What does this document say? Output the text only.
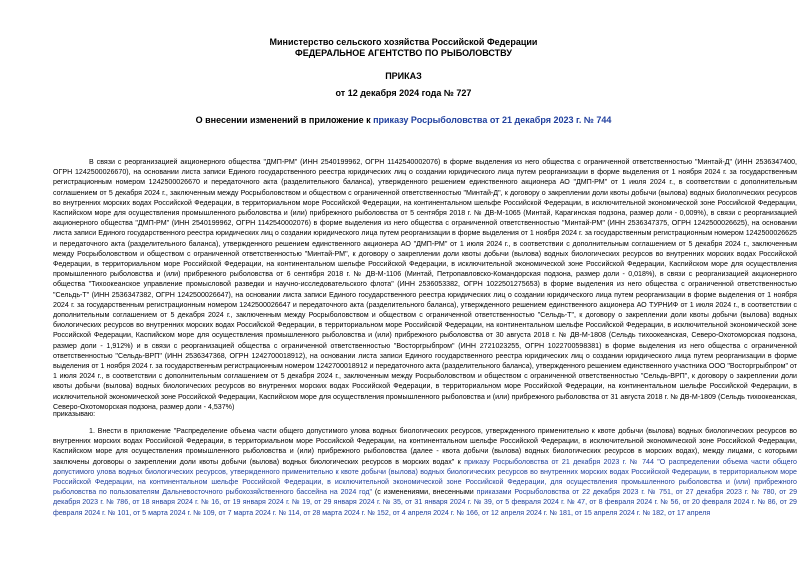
Министерство сельского хозяйства Российской Федерации
ФЕДЕРАЛЬНОЕ АГЕНТСТВО ПО РЫБОЛОВСТВУ
ПРИКАЗ
от 12 декабря 2024 года № 727
О внесении изменений в приложение к приказу Росрыболовства от 21 декабря 2023 г. № 744

В связи с реорганизацией акционерного общества "ДМП-РМ" (ИНН 2540199962, ОГРН 1142540002076) в форме выделения из него общества с ограниченной ответственностью "Минтай-Д" (ИНН 2536347400, ОГРН 1242500026670), на основании листа записи Единого государственного реестра юридических лиц о создании юридического лица путем реорганизации в форме выделения от 1 ноября 2024 г. за государственным регистрационным номером 1242500026670 и передаточного акта (разделительного баланса), утвержденного решением единственного акционера АО "ДМП-РМ" от 1 июля 2024 г., в соответствии с дополнительным соглашением от 5 декабря 2024 г., заключенным между Росрыболовством и обществом с ограниченной ответственностью "Минтай-Д", к договору о закреплении доли квоты добычи (вылова) водных биологических ресурсов во внутренних морских водах Российской Федерации, в территориальном море Российской Федерации, на континентальном шельфе Российской Федерации, в исключительной экономической зоне Российской Федерации, Каспийском море для осуществления промышленного рыболовства и (или) прибрежного рыболовства от 5 сентября 2018 г. № ДВ-М-1065 (Минтай, Карагинская подзона, размер доли - 0,009%), в связи с реорганизацией акционерного общества "ДМП-РМ" (ИНН 2540199962, ОГРН 1142540002076) в форме выделения из него общества с ограниченной ответственностью "Минтай-РМ" (ИНН 2536347375, ОГРН 1242500026625), на основании листа записи Единого государственного реестра юридических лиц о создании юридического лица путем реорганизации в форме выделения от 1 ноября 2024 г. за государственным регистрационным номером 1242500026625 и передаточного акта (разделительного баланса), утвержденного решением единственного акционера АО "ДМП-РМ" от 1 июля 2024 г., в соответствии с дополнительным соглашением от 5 декабря 2024 г., заключенным между Росрыболовством и обществом с ограниченной ответственностью "Минтай-РМ", к договору о закреплении доли квоты добычи (вылова) водных биологических ресурсов во внутренних морских водах Российской Федерации, в территориальном море Российской Федерации, на континентальном шельфе Российской Федерации, в исключительной экономической зоне Российской Федерации, Каспийском море для осуществления промышленного рыболовства и (или) прибрежного рыболовства от 6 сентября 2018 г. № ДВ-М-1106 (Минтай, Петропавловско-Командорская подзона, размер доли - 0,018%), в связи с реорганизацией акционерного общества "Тихоокеанское управление промысловой разведки и научно-исследовательского флота" (ИНН 2536053382, ОГРН 1022501275653) в форме выделения из него общества с ограниченной ответственностью "Сельдь-Т" (ИНН 2536347382, ОГРН 1242500026647), на основании листа записи Единого государственного реестра юридических лиц о создании юридического лица путем реорганизации в форме выделения от 1 ноября 2024 г. за государственным регистрационным номером 1242500026647 и передаточного акта (разделительного баланса), утвержденного решением единственного акционера АО ТУРНИФ от 1 июля 2024 г., в соответствии с дополнительным соглашением от 5 декабря 2024 г., заключенным между Росрыболовством и обществом с ограниченной ответственностью "Сельдь-Т", к договору о закреплении доли квоты добычи (вылова) водных биологических ресурсов во внутренних морских водах Российской Федерации, в территориальном море Российской Федерации, на континентальном шельфе Российской Федерации, в исключительной экономической зоне Российской Федерации, Каспийском море для осуществления промышленного рыболовства и (или) прибрежного рыболовства от 30 августа 2018 г. № ДВ-М-1808 (Сельдь тихоокеанская, Северо-Охотоморская подзона, размер доли - 1,912%) и в связи с реорганизацией общества с ограниченной ответственностью "Восторгрыбпром" (ИНН 2721023255, ОГРН 1022700598381) в форме выделения из него общества с ограниченной ответственностью "Сельдь-ВРП" (ИНН 2536347368, ОГРН 1242700018912), на основании листа записи Единого государственного реестра юридических лиц о создании юридического лица путем реорганизации в форме выделения от 1 ноября 2024 г. за государственным регистрационным номером 1242700018912 и передаточного акта (разделительного баланса), утвержденного решением единственного участника ООО "Восторгрыбпром" от 1 июля 2024 г., в соответствии с дополнительным соглашением от 5 декабря 2024 г., заключенным между Росрыболовством и обществом с ограниченной ответственностью "Сельдь-ВРП", к договору о закреплении доли квоты добычи (вылова) водных биологических ресурсов во внутренних морских водах Российской Федерации, в территориальном море Российской Федерации, на континентальном шельфе Российской Федерации, в исключительной экономической зоне Российской Федерации, Каспийском море для осуществления промышленного рыболовства и (или) прибрежного рыболовства от 31 августа 2018 г. № ДВ-М-1809 (Сельдь тихоокеанская, Северо-Охотоморская подзона, размер доли - 4,537%)

приказываю:

1. Внести в приложение "Распределение объема части общего допустимого улова водных биологических ресурсов, утвержденного применительно к квоте добычи (вылова) водных биологических ресурсов во внутренних морских водах Российской Федерации, в территориальном море Российской Федерации, на континентальном шельфе Российской Федерации, в исключительной экономической зоне Российской Федерации, Каспийском море для осуществления промышленного рыболовства и (или) прибрежного рыболовства (далее - квота добычи (вылова) водных биологических ресурсов в морских водах), между лицами, с которыми заключены договоры о закреплении доли квоты добычи (вылова) водных биологических ресурсов в морских водах" к приказу Росрыболовства от 21 декабря 2023 г. № 744 "О распределении объема части общего допустимого улова водных биологических ресурсов, утвержденного применительно к квоте добычи (вылова) водных биологических ресурсов во внутренних морских водах Российской Федерации, в территориальном море Российской Федерации, на континентальном шельфе Российской Федерации, в исключительной экономической зоне Российской Федерации, для осуществления промышленного рыболовства и (или) прибрежного рыболовства по пользователям Дальневосточного рыбохозяйственного бассейна на 2024 год" (с изменениями, внесенными приказами Росрыболовства от 22 декабря 2023 г. № 751, от 27 декабря 2023 г. № 780, от 29 декабря 2023 г. № 786, от 18 января 2024 г. № 16, от 19 января 2024 г. № 19, от 29 января 2024 г. № 35, от 31 января 2024 г. № 39, от 5 февраля 2024 г. № 47, от 8 февраля 2024 г. № 56, от 20 февраля 2024 г. № 86, от 29 февраля 2024 г. № 101, от 5 марта 2024 г. № 109, от 7 марта 2024 г. № 114, от 28 марта 2024 г. № 152, от 4 апреля 2024 г. № 166, от 12 апреля 2024 г. № 181, от 15 апреля 2024 г. № 182, от 17 апреля
